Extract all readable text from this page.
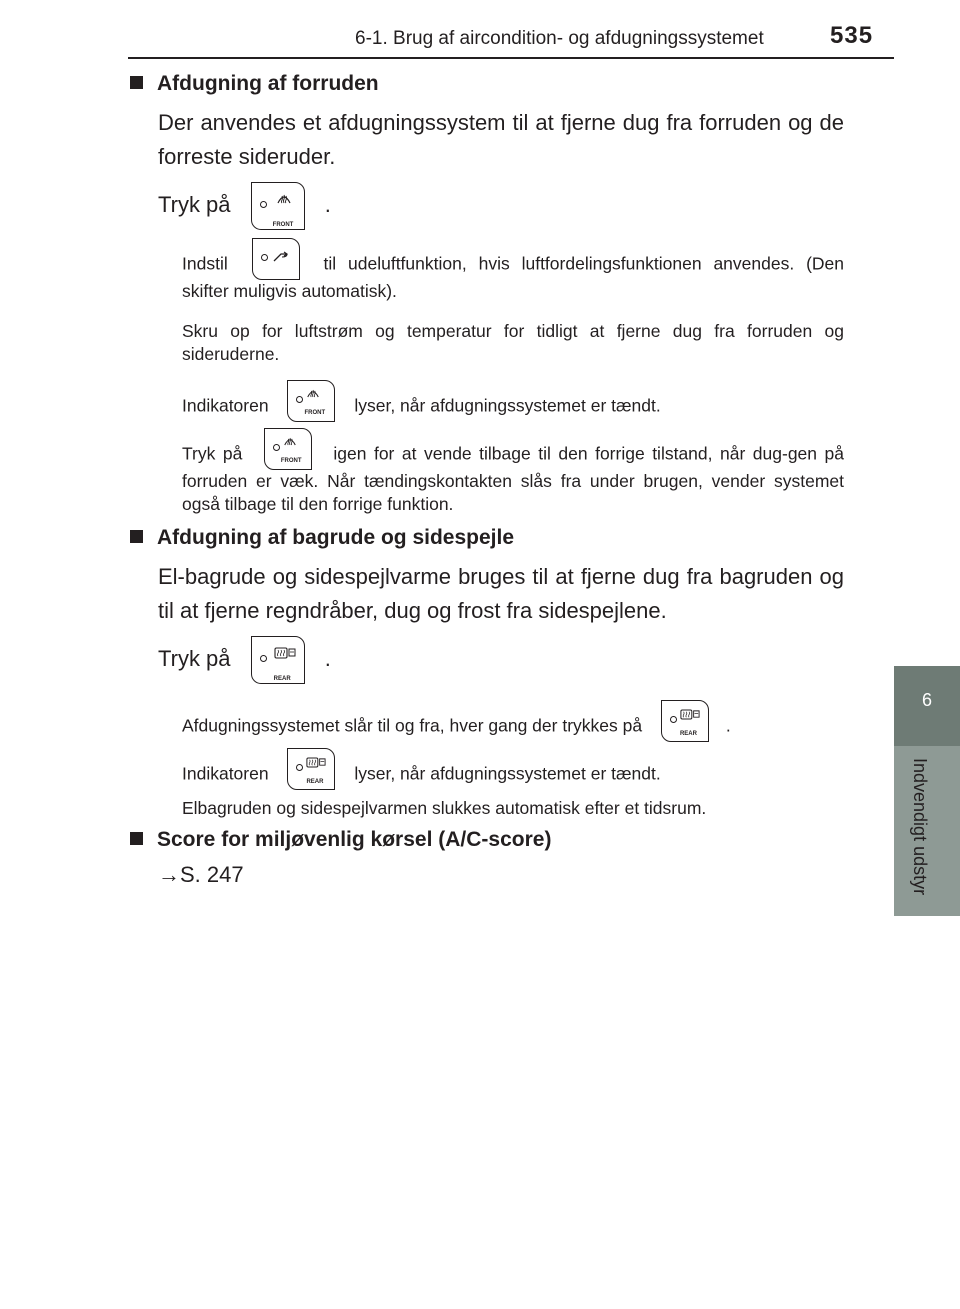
6-1. Brug af aircondition- og afdugningssystemet	535
6
Indvendigt udstyr
Afdugning af forruden
Der anvendes et afdugningssystem til at fjerne dug fra forruden og de forreste sideruder.
Tryk på
FRONT
.
Indstil	til udeluftfunktion, hvis luftfordelingsfunktionen anvendes. (Den skifter muligvis automatisk).
Skru op for luftstrøm og temperatur for tidligt at fjerne dug fra forruden og sideruderne.
Indikatoren	FRONT lyser, når afdugningssystemet er tændt.
Tryk på	FRONT igen for at vende tilbage til den forrige tilstand, når dug-gen på forruden er væk. Når tændingskontakten slås fra under brugen, vender systemet også tilbage til den forrige funktion.
Afdugning af bagrude og sidespejle
El-bagrude og sidespejlvarme bruges til at fjerne dug fra bagruden og til at fjerne regndråber, dug og frost fra sidespejlene.
Tryk på
REAR
.
Afdugningssystemet slår til og fra, hver gang der trykkes på	REAR .
Indikatoren	REAR lyser, når afdugningssystemet er tændt.
Elbagruden og sidespejlvarmen slukkes automatisk efter et tidsrum.
Score for miljøvenlig kørsel (A/C-score)
→S. 247
